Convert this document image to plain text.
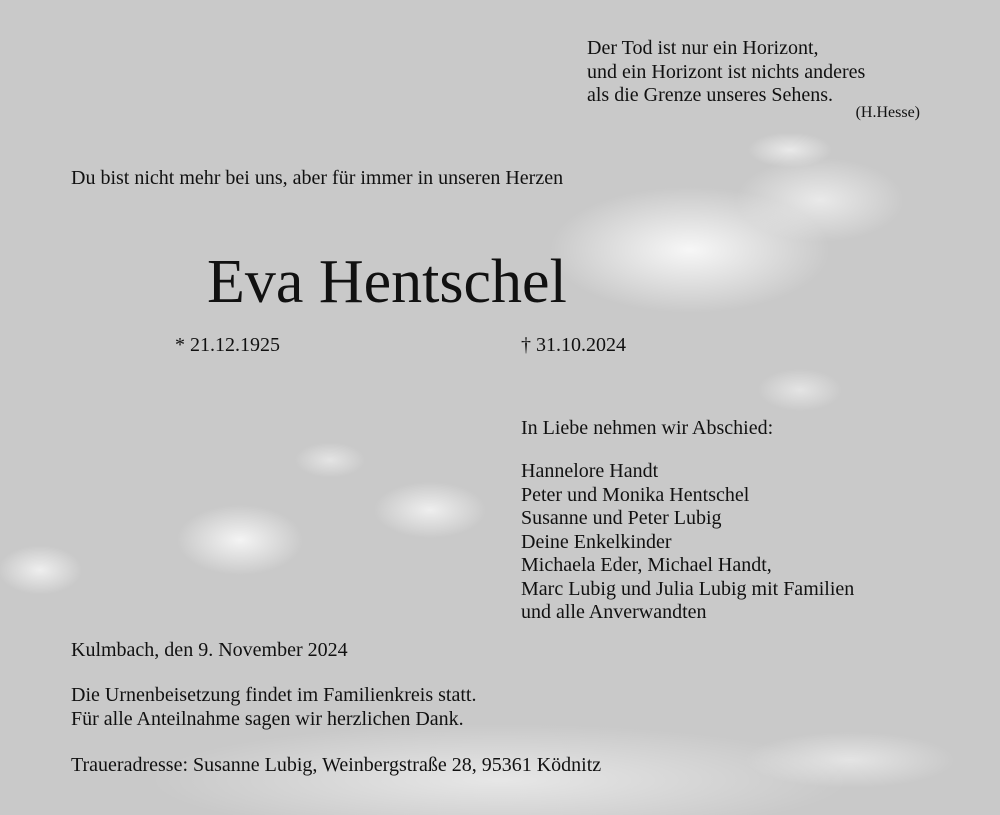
Der Tod ist nur ein Horizont,
und ein Horizont ist nichts anderes
als die Grenze unseres Sehens.
(H.Hesse)
Du bist nicht mehr bei uns, aber für immer in unseren Herzen
Eva Hentschel
* 21.12.1925	† 31.10.2024
In Liebe nehmen wir Abschied:
Hannelore Handt
Peter und Monika Hentschel
Susanne und Peter Lubig
Deine Enkelkinder
Michaela Eder, Michael Handt,
Marc Lubig und Julia Lubig mit Familien
und alle Anverwandten
Kulmbach, den 9. November 2024
Die Urnenbeisetzung findet im Familienkreis statt.
Für alle Anteilnahme sagen wir herzlichen Dank.
Traueradresse: Susanne Lubig, Weinbergstraße 28, 95361 Ködnitz
